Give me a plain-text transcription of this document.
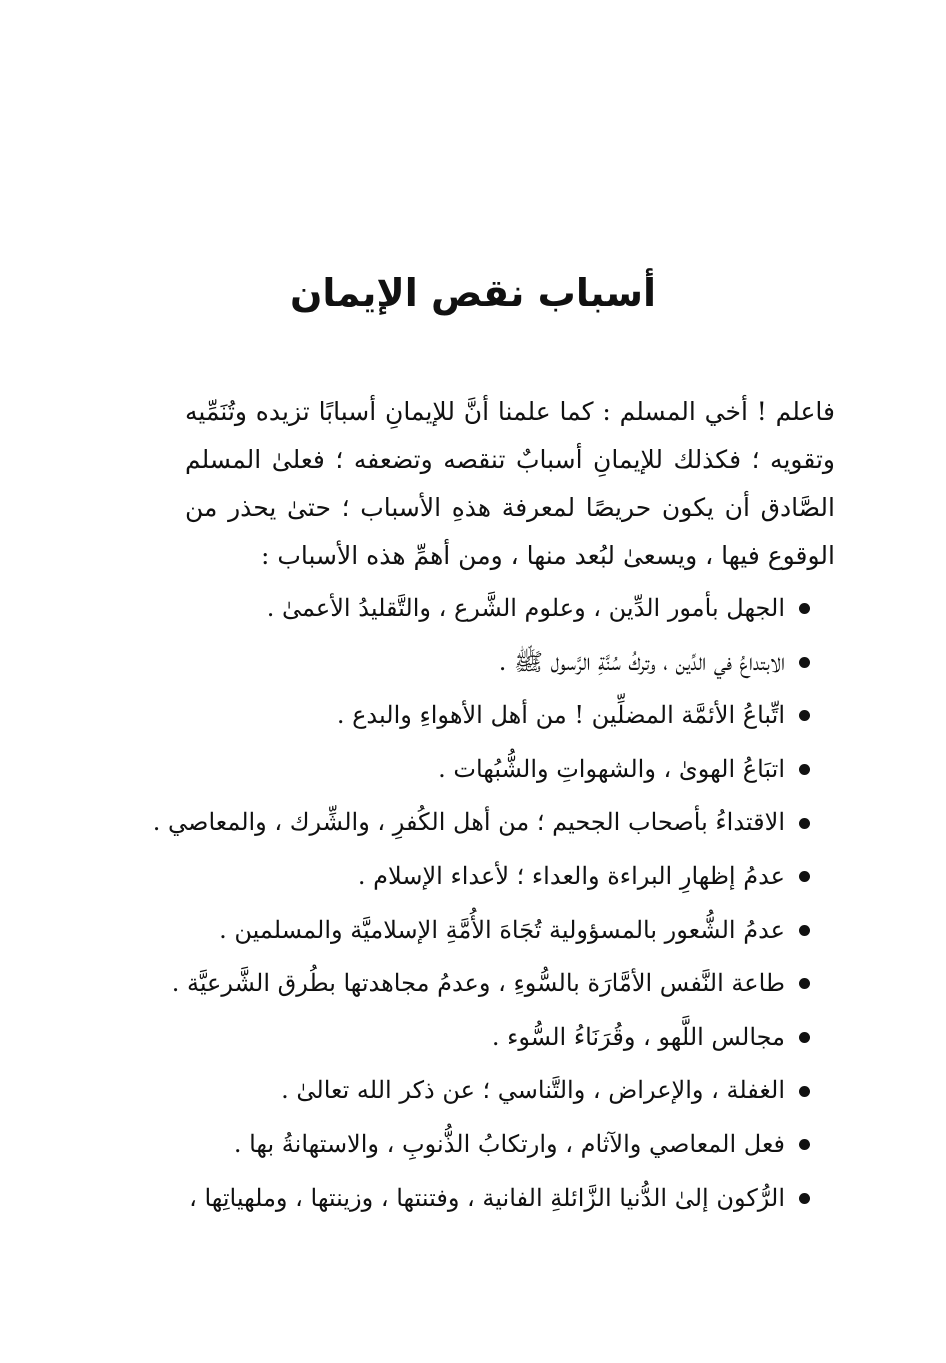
أسباب نقص الإيمان

فاعلم ! أخي المسلم : كما علمنا أنَّ للإيمانِ أسبابًا تزيده وتُنَمِّيه وتقويه ؛ فكذلك للإيمانِ أسبابٌ تنقصه وتضعفه ؛ فعلىٰ المسلم الصَّادق أن يكون حريصًا لمعرفة هذهِ الأسباب ؛ حتىٰ يحذر من الوقوع فيها ، ويسعىٰ لبُعد منها ، ومن أهمِّ هذه الأسباب :

الجهل بأمور الدِّين ، وعلوم الشَّرع ، والتَّقليدُ الأعمىٰ .
الابتداعُ في الدِّين ، وتركُ سُنَّةِ الرَّسول ﷺ .
اتِّباعُ الأئمَّة المضلِّين ! من أهل الأهواءِ والبدع .
اتبَاعُ الهوىٰ ، والشهواتِ والشُّبُهات .
الاقتداءُ بأصحاب الجحيم ؛ من أهل الكُفرِ ، والشِّرك ، والمعاصي .
عدمُ إظهارِ البراءة والعداء ؛ لأعداء الإسلام .
عدمُ الشُّعور بالمسؤولية تُجَاهَ الأُمَّةِ الإسلاميَّة والمسلمين .
طاعة النَّفس الأمَّارَة بالسُّوءِ ، وعدمُ مجاهدتها بطُرق الشَّرعيَّة .
مجالس اللَّهو ، وقُرَنَاءُ السُّوء .
الغفلة ، والإعراض ، والتَّناسي ؛ عن ذكر الله تعالىٰ .
فعل المعاصي والآثام ، وارتكابُ الذُّنوبِ ، والاستهانةُ بها .
الرُّكون إلىٰ الدُّنيا الزَّائلةِ الفانية ، وفتنتها ، وزينتها ، وملهياتِها ،
